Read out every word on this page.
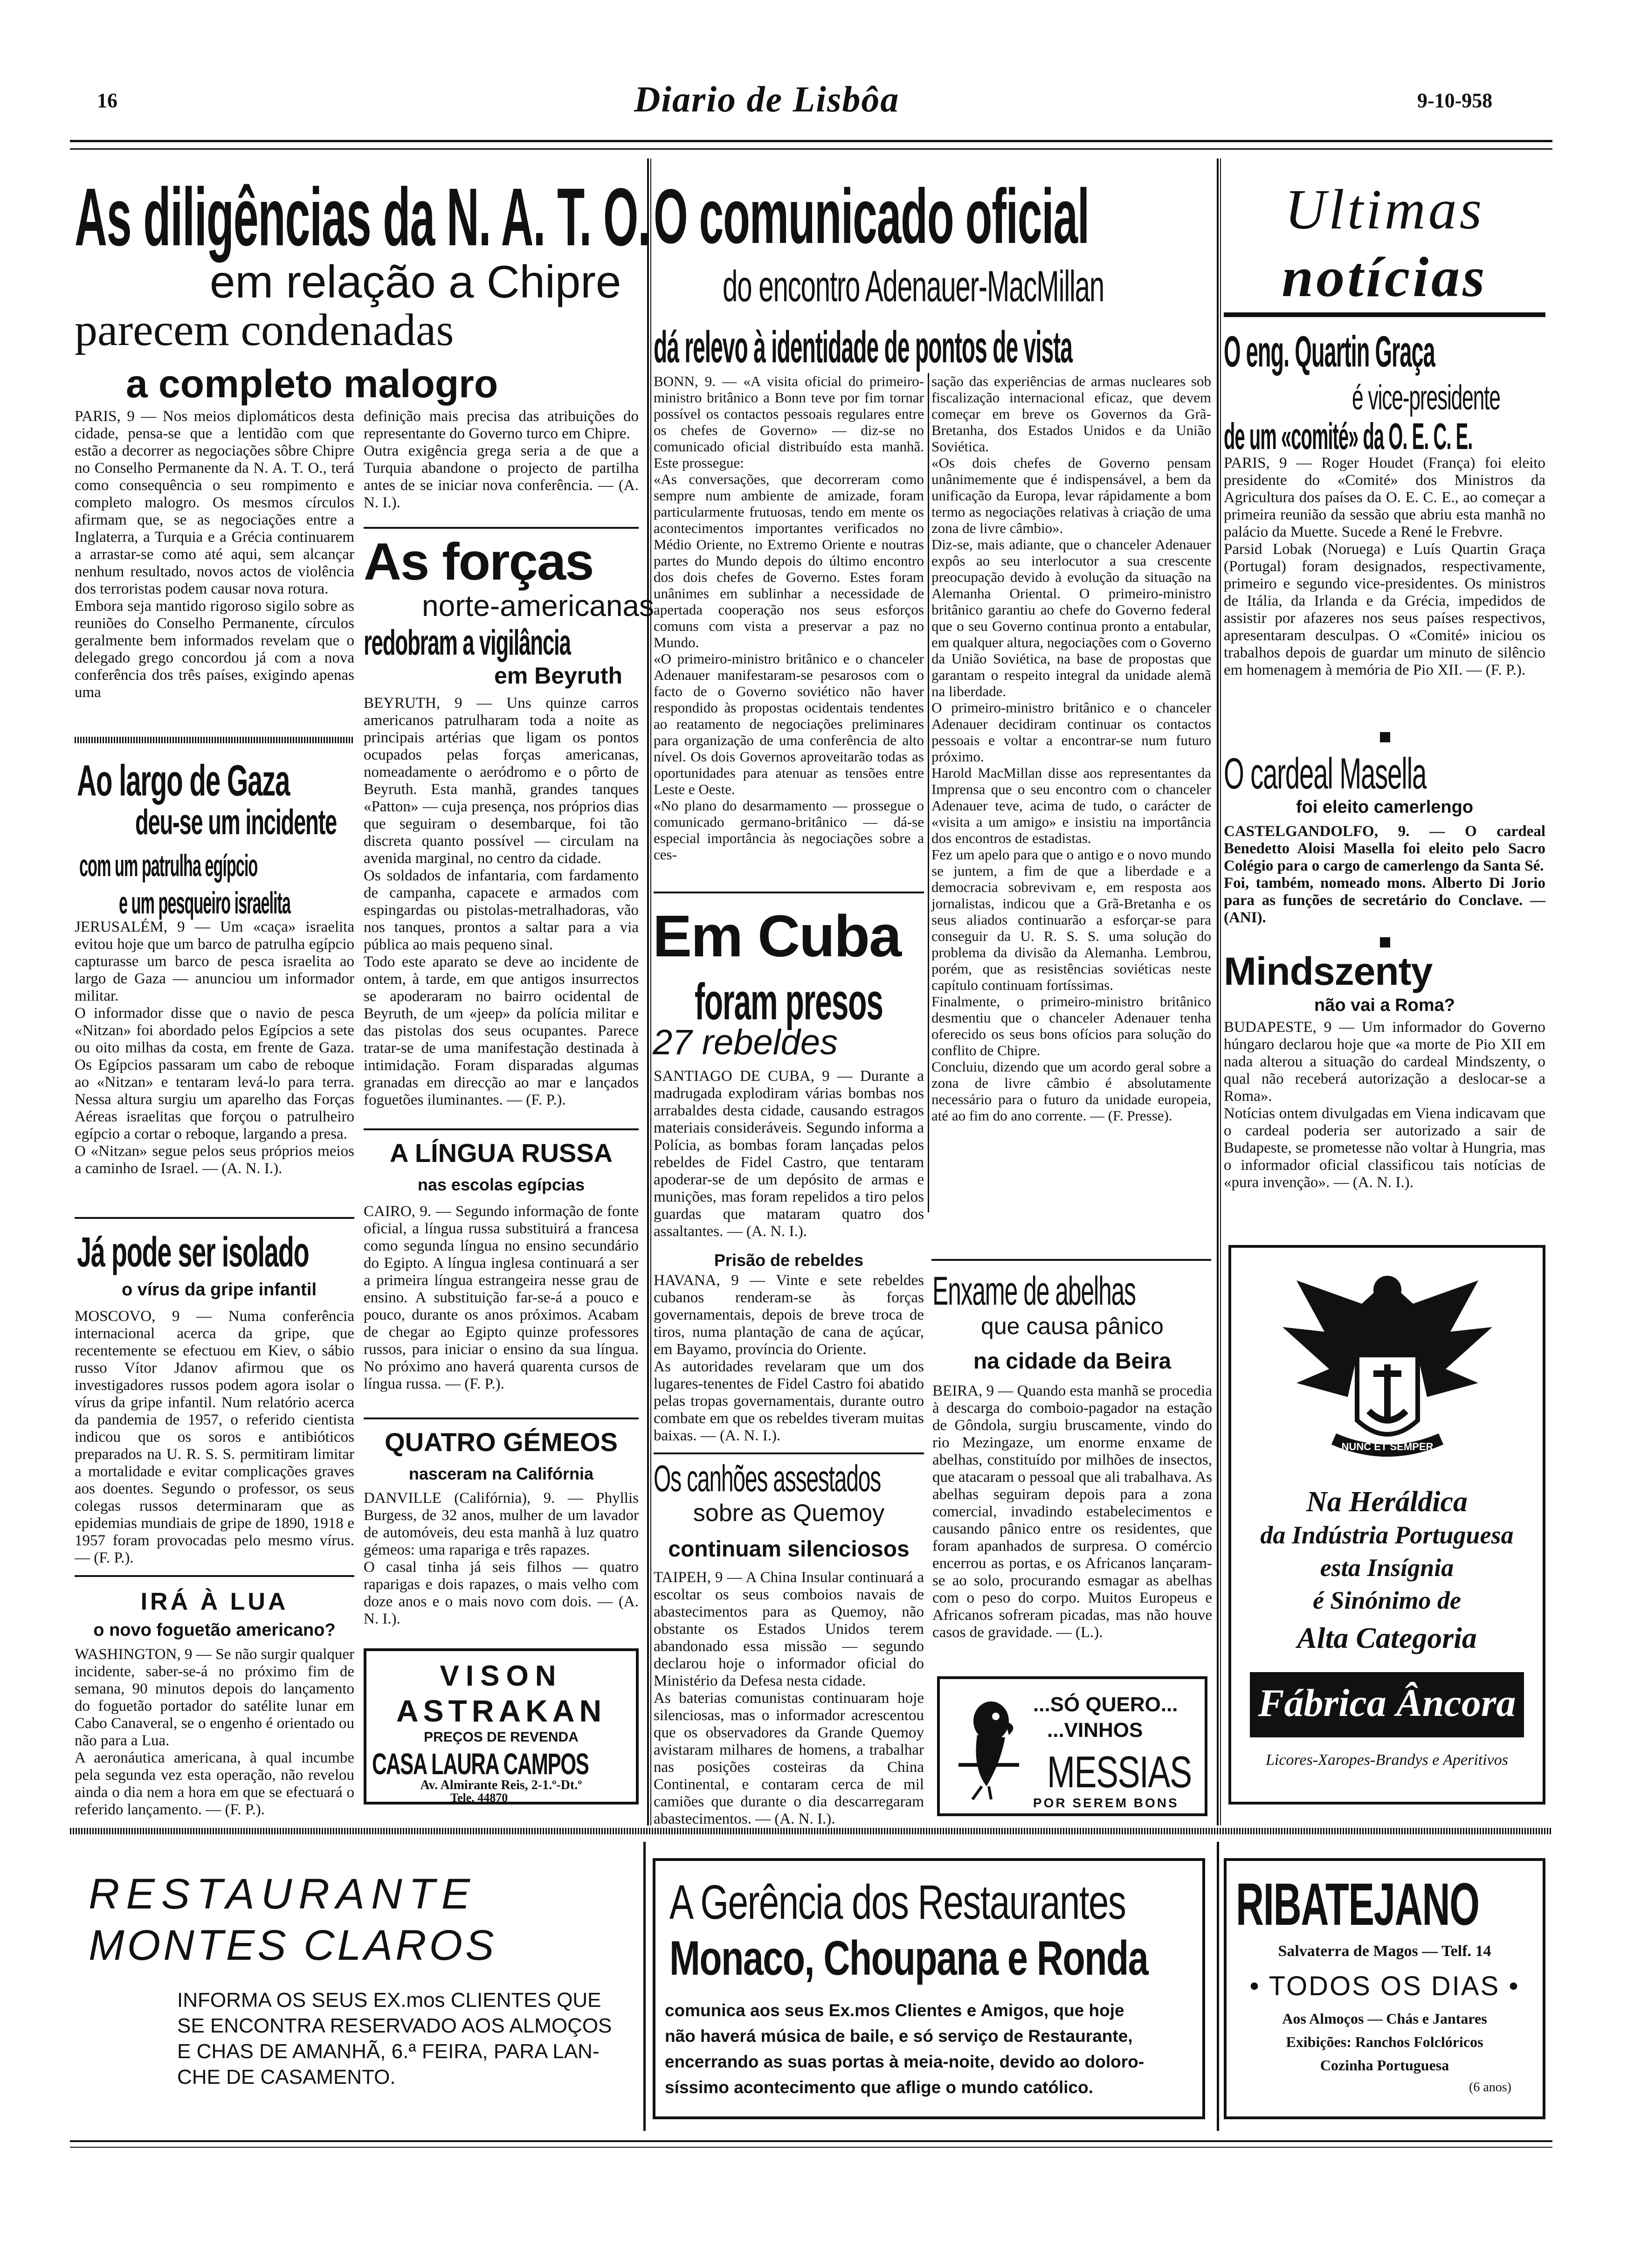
16	Diario de Lisbôa	9-10-958
As diligências da N. A. T. O.
em relação a Chipre
parecem condenadas
a completo malogro
PARIS, 9 — Nos meios diplomáticos desta cidade, pensa-se que a lentidão com que estão a decorrer as negociações sôbre Chipre no Conselho Permanente da N. A. T. O., terá como consequência o seu rompimento e completo malogro. Os mesmos círculos afirmam que, se as negociações entre a Inglaterra, a Turquia e a Grécia continuarem a arrastar-se como até aqui, sem alcançar nenhum resultado, novos actos de violência dos terroristas podem causar nova rotura.
Embora seja mantido rigoroso sigilo sobre as reuniões do Conselho Permanente, círculos geralmente bem informados revelam que o delegado grego concordou já com a nova conferência dos três países, exigindo apenas uma
definição mais precisa das atribuições do representante do Governo turco em Chipre.
Outra exigência grega seria a de que a Turquia abandone o projecto de partilha antes de se iniciar nova conferência. — (A. N. I.).
Ao largo de Gaza
deu-se um incidente
com um patrulha egípcio
e um pesqueiro israelita
JERUSALÉM, 9 — Um «caça» israelita evitou hoje que um barco de patrulha egípcio capturasse um barco de pesca israelita ao largo de Gaza — anunciou um informador militar.
O informador disse que o navio de pesca «Nitzan» foi abordado pelos Egípcios a sete ou oito milhas da costa, em frente de Gaza. Os Egípcios passaram um cabo de reboque ao «Nitzan» e tentaram levá-lo para terra. Nessa altura surgiu um aparelho das Forças Aéreas israelitas que forçou o patrulheiro egípcio a cortar o reboque, largando a presa.
O «Nitzan» segue pelos seus próprios meios a caminho de Israel. — (A. N. I.).
Já pode ser isolado
o vírus da gripe infantil
MOSCOVO, 9 — Numa conferência internacional acerca da gripe, que recentemente se efectuou em Kiev, o sábio russo Vítor Jdanov afirmou que os investigadores russos podem agora isolar o vírus da gripe infantil. Num relatório acerca da pandemia de 1957, o referido cientista indicou que os soros e antibióticos preparados na U. R. S. S. permitiram limitar a mortalidade e evitar complicações graves aos doentes. Segundo o professor, os seus colegas russos determinaram que as epidemias mundiais de gripe de 1890, 1918 e 1957 foram provocadas pelo mesmo vírus. — (F. P.).
IRÁ À LUA
o novo foguetão americano?
WASHINGTON, 9 — Se não surgir qualquer incidente, saber-se-á no próximo fim de semana, 90 minutos depois do lançamento do foguetão portador do satélite lunar em Cabo Canaveral, se o engenho é orientado ou não para a Lua.
A aeronáutica americana, à qual incumbe pela segunda vez esta operação, não revelou ainda o dia nem a hora em que se efectuará o referido lançamento. — (F. P.).
As forças
norte-americanas
redobram a vigilância
em Beyruth
BEYRUTH, 9 — Uns quinze carros americanos patrulharam toda a noite as principais artérias que ligam os pontos ocupados pelas forças americanas, nomeadamente o aeródromo e o pôrto de Beyruth. Esta manhã, grandes tanques «Patton» — cuja presença, nos próprios dias que seguiram o desembarque, foi tão discreta quanto possível — circulam na avenida marginal, no centro da cidade.
Os soldados de infantaria, com fardamento de campanha, capacete e armados com espingardas ou pistolas-metralhadoras, vão nos tanques, prontos a saltar para a via pública ao mais pequeno sinal.
Todo este aparato se deve ao incidente de ontem, à tarde, em que antigos insurrectos se apoderaram no bairro ocidental de Beyruth, de um «jeep» da polícia militar e das pistolas dos seus ocupantes. Parece tratar-se de uma manifestação destinada à intimidação. Foram disparadas algumas granadas em direcção ao mar e lançados foguetões iluminantes. — (F. P.).
A LÍNGUA RUSSA
nas escolas egípcias
CAIRO, 9. — Segundo informação de fonte oficial, a língua russa substituirá a francesa como segunda língua no ensino secundário do Egipto. A língua inglesa continuará a ser a primeira língua estrangeira nesse grau de ensino. A substituição far-se-á a pouco e pouco, durante os anos próximos. Acabam de chegar ao Egipto quinze professores russos, para iniciar o ensino da sua língua. No próximo ano haverá quarenta cursos de língua russa. — (F. P.).
QUATRO GÉMEOS
nasceram na Califórnia
DANVILLE (Califórnia), 9. — Phyllis Burgess, de 32 anos, mulher de um lavador de automóveis, deu esta manhã à luz quatro gémeos: uma rapariga e três rapazes.
O casal tinha já seis filhos — quatro raparigas e dois rapazes, o mais velho com doze anos e o mais novo com dois. — (A. N. I.).
VISON
ASTRAKAN
PREÇOS DE REVENDA
CASA LAURA CAMPOS
Av. Almirante Reis, 2-1.º-Dt.º
Tele. 44870
O comunicado oficial
do encontro Adenauer-MacMillan
dá relevo à identidade de pontos de vista
BONN, 9. — «A visita oficial do primeiro-ministro britânico a Bonn teve por fim tornar possível os contactos pessoais regulares entre os chefes de Governo» — diz-se no comunicado oficial distribuído esta manhã. Este prossegue:
«As conversações, que decorreram como sempre num ambiente de amizade, foram particularmente frutuosas, tendo em mente os acontecimentos importantes verificados no Médio Oriente, no Extremo Oriente e noutras partes do Mundo depois do último encontro dos dois chefes de Governo. Estes foram unânimes em sublinhar a necessidade de apertada cooperação nos seus esforços comuns com vista a preservar a paz no Mundo.
«O primeiro-ministro britânico e o chanceler Adenauer manifestaram-se pesarosos com o facto de o Governo soviético não haver respondido às propostas ocidentais tendentes ao reatamento de negociações preliminares para organização de uma conferência de alto nível. Os dois Governos aproveitarão todas as oportunidades para atenuar as tensões entre Leste e Oeste.
«No plano do desarmamento — prossegue o comunicado germano-britânico — dá-se especial importância às negociações sobre a ces-
sação das experiências de armas nucleares sob fiscalização internacional eficaz, que devem começar em breve os Governos da Grã-Bretanha, dos Estados Unidos e da União Soviética.
«Os dois chefes de Governo pensam unânimemente que é indispensável, a bem da unificação da Europa, levar rápidamente a bom termo as negociações relativas à criação de uma zona de livre câmbio».
Diz-se, mais adiante, que o chanceler Adenauer expôs ao seu interlocutor a sua crescente preocupação devido à evolução da situação na Alemanha Oriental. O primeiro-ministro britânico garantiu ao chefe do Governo federal que o seu Governo continua pronto a entabular, em qualquer altura, negociações com o Governo da União Soviética, na base de propostas que garantam o respeito integral da unidade alemã na liberdade.
O primeiro-ministro britânico e o chanceler Adenauer decidiram continuar os contactos pessoais e voltar a encontrar-se num futuro próximo.
Harold MacMillan disse aos representantes da Imprensa que o seu encontro com o chanceler Adenauer teve, acima de tudo, o carácter de «visita a um amigo» e insistiu na importância dos encontros de estadistas.
Fez um apelo para que o antigo e o novo mundo se juntem, a fim de que a liberdade e a democracia sobrevivam e, em resposta aos jornalistas, indicou que a Grã-Bretanha e os seus aliados continuarão a esforçar-se para conseguir da U. R. S. S. uma solução do problema da divisão da Alemanha. Lembrou, porém, que as resistências soviéticas neste capítulo continuam fortíssimas.
Finalmente, o primeiro-ministro britânico desmentiu que o chanceler Adenauer tenha oferecido os seus bons ofícios para solução do conflito de Chipre.
Concluiu, dizendo que um acordo geral sobre a zona de livre câmbio é absolutamente necessário para o futuro da unidade europeia, até ao fim do ano corrente. — (F. Presse).
Em Cuba
foram presos
27 rebeldes
SANTIAGO DE CUBA, 9 — Durante a madrugada explodiram várias bombas nos arrabaldes desta cidade, causando estragos materiais consideráveis. Segundo informa a Polícia, as bombas foram lançadas pelos rebeldes de Fidel Castro, que tentaram apoderar-se de um depósito de armas e munições, mas foram repelidos a tiro pelos guardas que mataram quatro dos assaltantes. — (A. N. I.).
Prisão de rebeldes
HAVANA, 9 — Vinte e sete rebeldes cubanos renderam-se às forças governamentais, depois de breve troca de tiros, numa plantação de cana de açúcar, em Bayamo, província do Oriente.
As autoridades revelaram que um dos lugares-tenentes de Fidel Castro foi abatido pelas tropas governamentais, durante outro combate em que os rebeldes tiveram muitas baixas. — (A. N. I.).
Os canhões assestados
sobre as Quemoy
continuam silenciosos
TAIPEH, 9 — A China Insular continuará a escoltar os seus comboios navais de abastecimentos para as Quemoy, não obstante os Estados Unidos terem abandonado essa missão — segundo declarou hoje o informador oficial do Ministério da Defesa nesta cidade.
As baterias comunistas continuaram hoje silenciosas, mas o informador acrescentou que os observadores da Grande Quemoy avistaram milhares de homens, a trabalhar nas posições costeiras da China Continental, e contaram cerca de mil camiões que durante o dia descarregaram abastecimentos. — (A. N. I.).
Enxame de abelhas
que causa pânico
na cidade da Beira
BEIRA, 9 — Quando esta manhã se procedia à descarga do comboio-pagador na estação de Gôndola, surgiu bruscamente, vindo do rio Mezingaze, um enorme enxame de abelhas, constituído por milhões de insectos, que atacaram o pessoal que ali trabalhava. As abelhas seguiram depois para a zona comercial, invadindo estabelecimentos e causando pânico entre os residentes, que foram apanhados de surpresa. O comércio encerrou as portas, e os Africanos lançaram-se ao solo, procurando esmagar as abelhas com o peso do corpo. Muitos Europeus e Africanos sofreram picadas, mas não houve casos de gravidade. — (L.).
...SÓ QUERO...
...VINHOS
MESSIAS
POR SEREM BONS
Ultimas
notícias
O eng. Quartin Graça
é vice-presidente
de um «comité» da O. E. C. E.
PARIS, 9 — Roger Houdet (França) foi eleito presidente do «Comité» dos Ministros da Agricultura dos países da O. E. C. E., ao começar a primeira reunião da sessão que abriu esta manhã no palácio da Muette. Sucede a René le Frebvre.
Parsid Lobak (Noruega) e Luís Quartin Graça (Portugal) foram designados, respectivamente, primeiro e segundo vice-presidentes. Os ministros de Itália, da Irlanda e da Grécia, impedidos de assistir por afazeres nos seus países respectivos, apresentaram desculpas. O «Comité» iniciou os trabalhos depois de guardar um minuto de silêncio em homenagem à memória de Pio XII. — (F. P.).
O cardeal Masella
foi eleito camerlengo
CASTELGANDOLFO, 9. — O cardeal Benedetto Aloisi Masella foi eleito pelo Sacro Colégio para o cargo de camerlengo da Santa Sé.
Foi, também, nomeado mons. Alberto Di Jorio para as funções de secretário do Conclave. — (ANI).
Mindszenty
não vai a Roma?
BUDAPESTE, 9 — Um informador do Governo húngaro declarou hoje que «a morte de Pio XII em nada alterou a situação do cardeal Mindszenty, o qual não receberá autorização a deslocar-se a Roma».
Notícias ontem divulgadas em Viena indicavam que o cardeal poderia ser autorizado a sair de Budapeste, se prometesse não voltar à Hungria, mas o informador oficial classificou tais notícias de «pura invenção». — (A. N. I.).
NUNC ET SEMPER
Na Heráldica
da Indústria Portuguesa
esta Insígnia
é Sinónimo de
Alta Categoria
Fábrica Âncora
Licores-Xaropes-Brandys e Aperitivos
RESTAURANTE
MONTES CLAROS
INFORMA OS SEUS EX.mos CLIENTES QUE
SE ENCONTRA RESERVADO AOS ALMOÇOS
E CHAS DE AMANHÃ, 6.ª FEIRA, PARA LAN-
CHE DE CASAMENTO.
A Gerência dos Restaurantes
Monaco, Choupana e Ronda
comunica aos seus Ex.mos Clientes e Amigos, que hoje
não haverá música de baile, e só serviço de Restaurante,
encerrando as suas portas à meia-noite, devido ao doloro-
síssimo acontecimento que aflige o mundo católico.
RIBATEJANO
Salvaterra de Magos — Telf. 14
• TODOS OS DIAS •
Aos Almoços — Chás e Jantares
Exibições: Ranchos Folclóricos
Cozinha Portuguesa
(6 anos)
